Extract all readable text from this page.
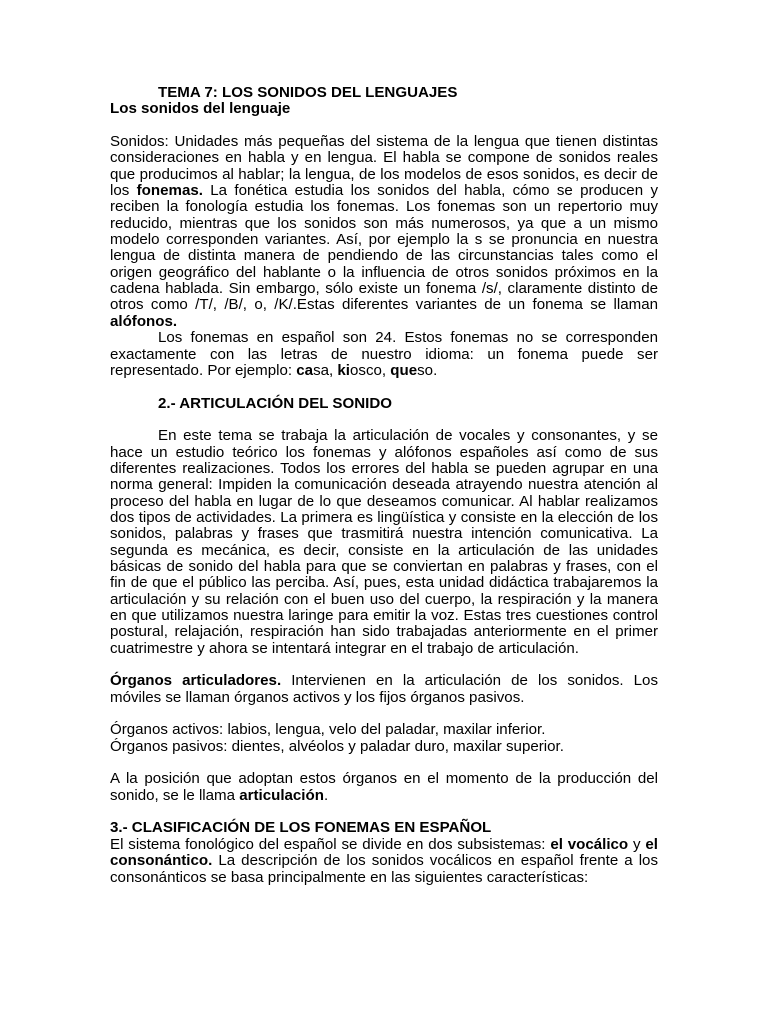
TEMA 7: LOS SONIDOS DEL LENGUAJES

Los sonidos del lenguaje

Sonidos: Unidades más pequeñas del sistema de la lengua que tienen distintas consideraciones en habla y en lengua. El habla se compone de sonidos reales que producimos al hablar; la lengua, de los modelos de esos sonidos, es decir de los fonemas. La fonética estudia los sonidos del habla, cómo se producen y reciben la fonología estudia los fonemas. Los fonemas son un repertorio muy reducido, mientras que los sonidos son más numerosos, ya que a un mismo modelo corresponden variantes. Así, por ejemplo la s se pronuncia en nuestra lengua de distinta manera de pendiendo de las circunstancias tales como el origen geográfico del hablante o la influencia de otros sonidos próximos en la cadena hablada. Sin embargo, sólo existe un fonema /s/, claramente distinto de otros como /T/, /B/, o, /K/.Estas diferentes variantes de un fonema se llaman alófonos.

Los fonemas en español son 24. Estos fonemas no se corresponden exactamente con las letras de nuestro idioma: un fonema puede ser representado. Por ejemplo: casa, kiosco, queso.

2.- ARTICULACIÓN DEL SONIDO

En este tema se trabaja la articulación de vocales y consonantes, y se hace un estudio teórico los fonemas y alófonos españoles así como de sus diferentes realizaciones. Todos los errores del habla se pueden agrupar en una norma general: Impiden la comunicación deseada atrayendo nuestra atención al proceso del habla en lugar de lo que deseamos comunicar. Al hablar realizamos dos tipos de actividades. La primera es lingüística y consiste en la elección de los sonidos, palabras y frases que trasmitirá nuestra intención comunicativa. La segunda es mecánica, es decir, consiste en la articulación de las unidades básicas de sonido del habla para que se conviertan en palabras y frases, con el fin de que el público las perciba. Así, pues, esta unidad didáctica trabajaremos la articulación y su relación con el buen uso del cuerpo, la respiración y la manera en que utilizamos nuestra laringe para emitir la voz. Estas tres cuestiones control postural, relajación, respiración han sido trabajadas anteriormente en el primer cuatrimestre y ahora se intentará integrar en el trabajo de articulación.

Órganos articuladores. Intervienen en la articulación de los sonidos. Los móviles se llaman órganos activos y los fijos órganos pasivos.

Órganos activos: labios, lengua, velo del paladar, maxilar inferior.

Órganos pasivos: dientes, alvéolos y paladar duro, maxilar superior.

A la posición que adoptan estos órganos en el momento de la producción del sonido, se le llama articulación.

3.- CLASIFICACIÓN DE LOS FONEMAS EN ESPAÑOL

El sistema fonológico del español se divide en dos subsistemas: el vocálico y el consonántico. La descripción de los sonidos vocálicos en español frente a los consonánticos se basa principalmente en las siguientes características:
